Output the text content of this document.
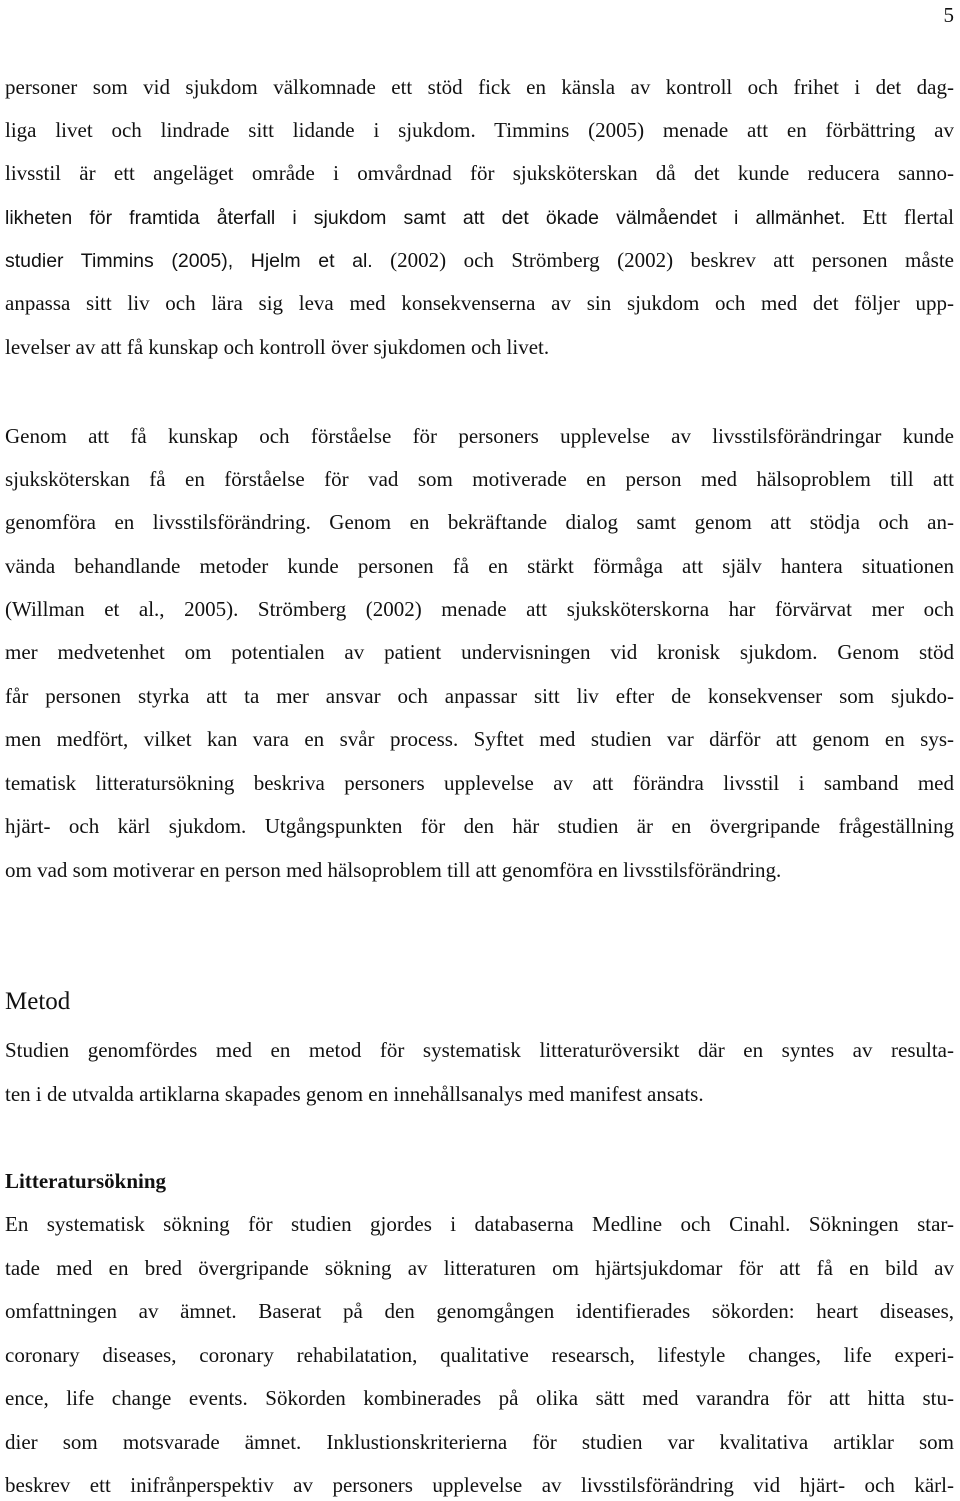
5
personer som vid sjukdom välkomnade ett stöd fick en känsla av kontroll och frihet i det dag-
liga livet och lindrade sitt lidande i sjukdom. Timmins (2005) menade att en förbättring av
livsstil är ett angeläget område i omvårdnad för sjuksköterskan då det kunde reducera sanno-
likheten för framtida återfall i sjukdom samt att det ökade välmåendet i allmänhet. Ett flertal
studier Timmins (2005), Hjelm et al. (2002) och Strömberg (2002) beskrev att personen måste
anpassa sitt liv och lära sig leva med konsekvenserna av sin sjukdom och med det följer upp-
levelser av att få kunskap och kontroll över sjukdomen och livet.
Genom att få kunskap och förståelse för personers upplevelse av livsstilsförändringar kunde
sjuksköterskan få en förståelse för vad som motiverade en person med hälsoproblem till att
genomföra en livsstilsförändring. Genom en bekräftande dialog samt genom att stödja och an-
vända behandlande metoder kunde personen få en stärkt förmåga att själv hantera situationen
(Willman et al., 2005). Strömberg (2002) menade att sjuksköterskorna har förvärvat mer och
mer medvetenhet om potentialen av patient undervisningen vid kronisk sjukdom. Genom stöd
får personen styrka att ta mer ansvar och anpassar sitt liv efter de konsekvenser som sjukdo-
men medfört, vilket kan vara en svår process. Syftet med studien var därför att genom en sys-
tematisk litteratursökning beskriva personers upplevelse av att förändra livsstil i samband med
hjärt- och kärl sjukdom. Utgångspunkten för den här studien är en övergripande frågeställning
om vad som motiverar en person med hälsoproblem till att genomföra en livsstilsförändring.
Metod
Studien genomfördes med en metod för systematisk litteraturöversikt där en syntes av resulta-
ten i de utvalda artiklarna skapades genom en innehållsanalys med manifest ansats.
Litteratursökning
En systematisk sökning för studien gjordes i databaserna Medline och Cinahl. Sökningen star-
tade med en bred övergripande sökning av litteraturen om hjärtsjukdomar för att få en bild av
omfattningen av ämnet. Baserat på den genomgången identifierades sökorden: heart diseases,
coronary diseases, coronary rehabilatation, qualitative researsch, lifestyle changes, life experi-
ence, life change events. Sökorden kombinerades på olika sätt med varandra för att hitta stu-
dier som motsvarade ämnet. Inklustionskriterierna för studien var kvalitativa artiklar som
beskrev ett inifrånperspektiv av personers upplevelse av livsstilsförändring vid hjärt- och kärl-
